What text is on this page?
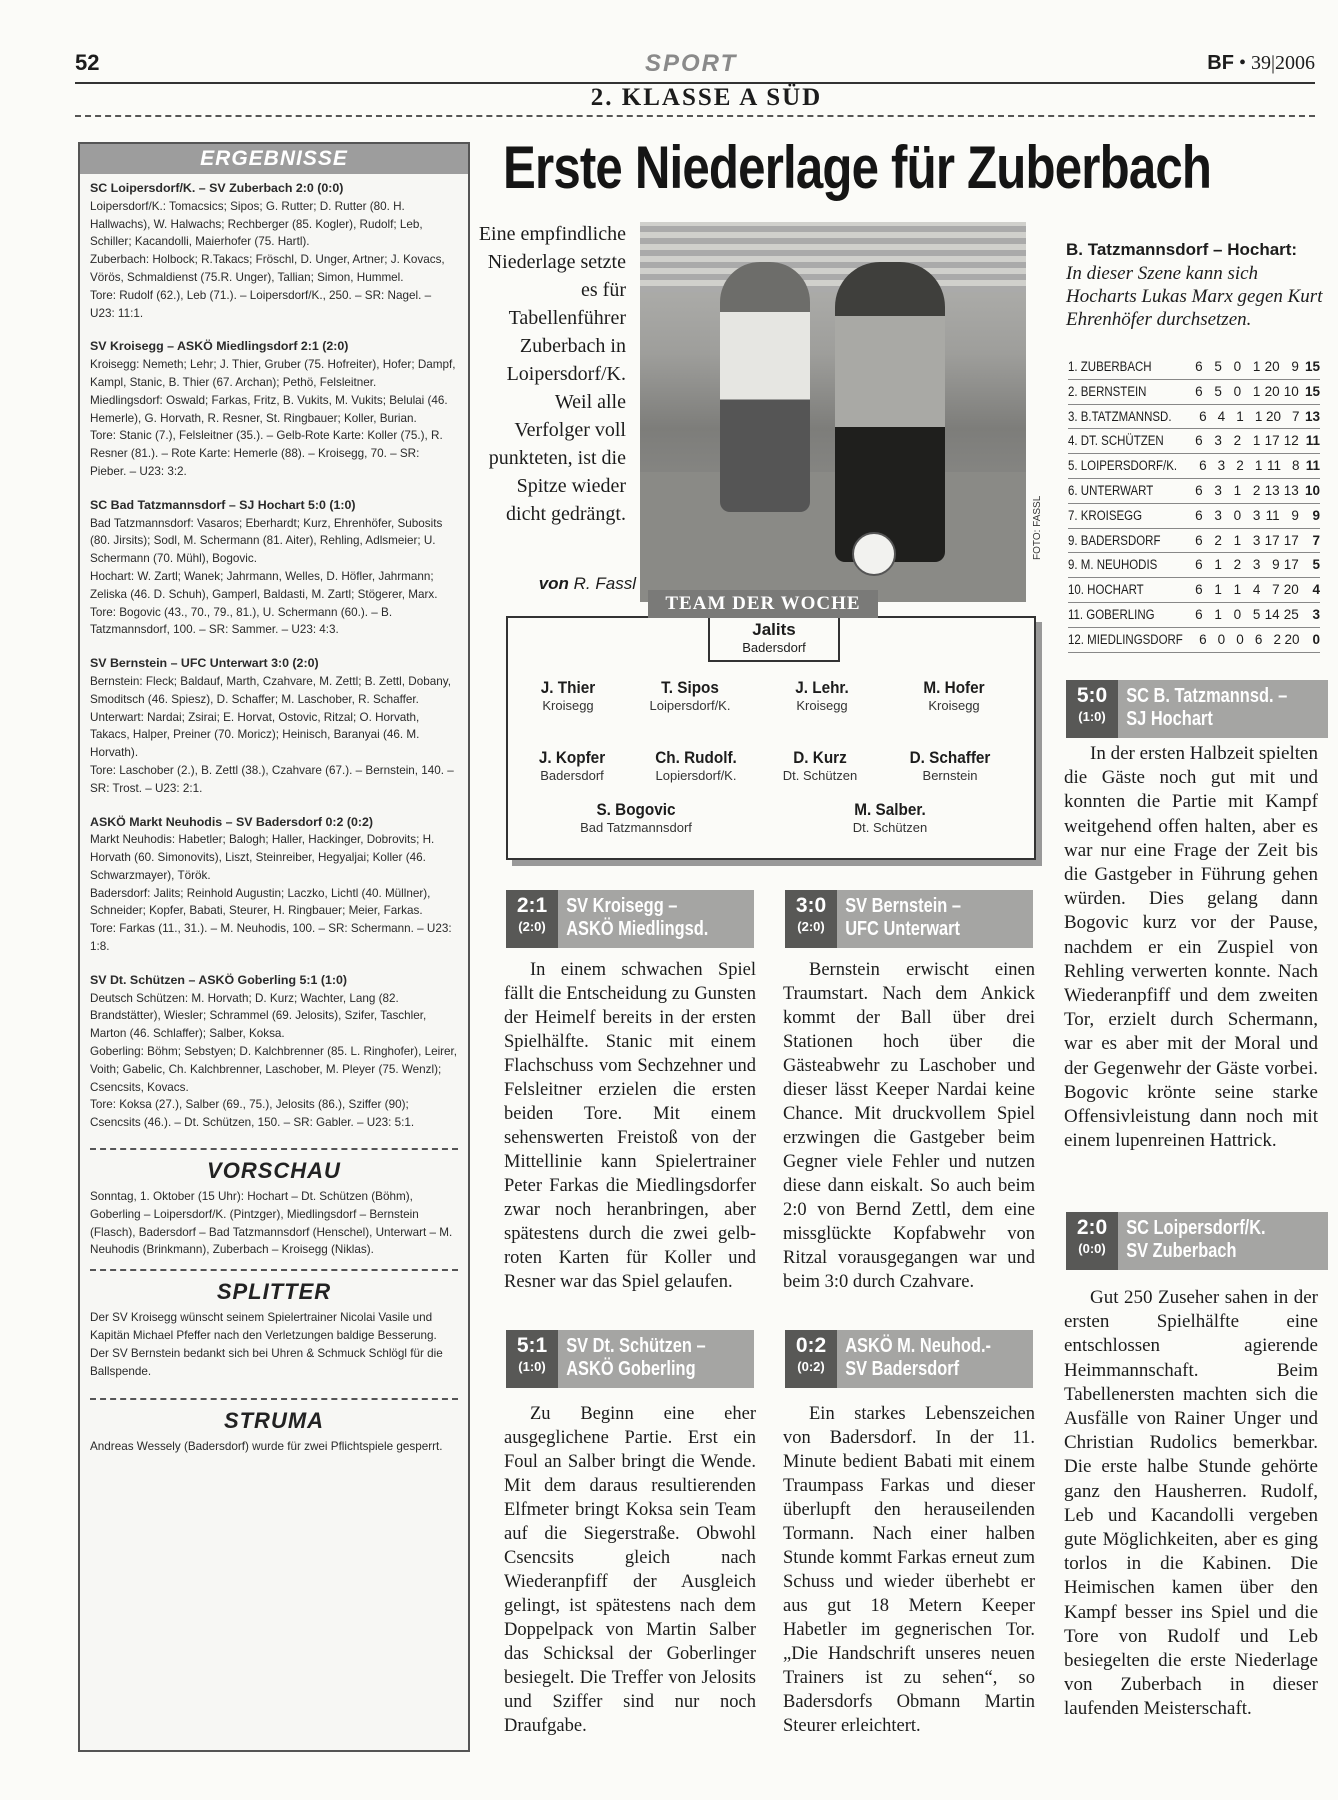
52	SPORT	BF • 39|2006
2. KLASSE A SÜD
ERGEBNISSE
SC Loipersdorf/K. – SV Zuberbach 2:0 (0:0)

Loipersdorf/K.: Tomacsics; Sipos; G. Rutter; D. Rutter (80. H. Hallwachs), W. Halwachs; Rechberger (85. Kogler), Rudolf; Leb, Schiller; Kacandolli, Maierhofer (75. Hartl).

Zuberbach: Holbock; R.Takacs; Fröschl, D. Unger, Artner; J. Kovacs, Vörös, Schmaldienst (75.R. Unger), Tallian; Simon, Hummel.

Tore: Rudolf (62.), Leb (71.). – Loipersdorf/K., 250. – SR: Nagel. – U23: 11:1.

SV Kroisegg – ASKÖ Miedlingsdorf 2:1 (2:0)

Kroisegg: Nemeth; Lehr; J. Thier, Gruber (75. Hofreiter), Hofer; Dampf, Kampl, Stanic, B. Thier (67. Archan); Pethö, Felsleitner.

Miedlingsdorf: Oswald; Farkas, Fritz, B. Vukits, M. Vukits; Belulai (46. Hemerle), G. Horvath, R. Resner, St. Ringbauer; Koller, Burian.

Tore: Stanic (7.), Felsleitner (35.). – Gelb-Rote Karte: Koller (75.), R. Resner (81.). – Rote Karte: Hemerle (88). – Kroisegg, 70. – SR: Pieber. – U23: 3:2.

SC Bad Tatzmannsdorf – SJ Hochart 5:0 (1:0)

Bad Tatzmannsdorf: Vasaros; Eberhardt; Kurz, Ehrenhöfer, Subosits (80. Jirsits); Sodl, M. Schermann (81. Aiter), Rehling, Adlsmeier; U. Schermann (70. Mühl), Bogovic.

Hochart: W. Zartl; Wanek; Jahrmann, Welles, D. Höfler, Jahrmann; Zeliska (46. D. Schuh), Gamperl, Baldasti, M. Zartl; Stögerer, Marx.

Tore: Bogovic (43., 70., 79., 81.), U. Schermann (60.). – B. Tatzmannsdorf, 100. – SR: Sammer. – U23: 4:3.

SV Bernstein – UFC Unterwart 3:0 (2:0)

Bernstein: Fleck; Baldauf, Marth, Czahvare, M. Zettl; B. Zettl, Dobany, Smoditsch (46. Spiesz), D. Schaffer; M. Laschober, R. Schaffer.

Unterwart: Nardai; Zsirai; E. Horvat, Ostovic, Ritzal; O. Horvath, Takacs, Halper, Preiner (70. Moricz); Heinisch, Baranyai (46. M. Horvath).

Tore: Laschober (2.), B. Zettl (38.), Czahvare (67.). – Bernstein, 140. – SR: Trost. – U23: 2:1.

ASKÖ Markt Neuhodis – SV Badersdorf 0:2 (0:2)

Markt Neuhodis: Habetler; Balogh; Haller, Hackinger, Dobrovits; H. Horvath (60. Simonovits), Liszt, Steinreiber, Hegyaljai; Koller (46. Schwarzmayer), Török.

Badersdorf: Jalits; Reinhold Augustin; Laczko, Lichtl (40. Müllner), Schneider; Kopfer, Babati, Steurer, H. Ringbauer; Meier, Farkas.

Tore: Farkas (11., 31.). – M. Neuhodis, 100. – SR: Schermann. – U23: 1:8.

SV Dt. Schützen – ASKÖ Goberling 5:1 (1:0)

Deutsch Schützen: M. Horvath; D. Kurz; Wachter, Lang (82. Brandstätter), Wiesler; Schrammel (69. Jelosits), Szifer, Taschler, Marton (46. Schlaffer); Salber, Koksa.

Goberling: Böhm; Sebstyen; D. Kalchbrenner (85. L. Ringhofer), Leirer, Voith; Gabelic, Ch. Kalchbrenner, Laschober, M. Pleyer (75. Wenzl); Csencsits, Kovacs.

Tore: Koksa (27.), Salber (69., 75.), Jelosits (86.), Sziffer (90); Csencsits (46.). – Dt. Schützen, 150. – SR: Gabler. – U23: 5:1.

VORSCHAU

Sonntag, 1. Oktober (15 Uhr): Hochart – Dt. Schützen (Böhm), Goberling – Loipersdorf/K. (Pintzger), Miedlingsdorf – Bernstein (Flasch), Badersdorf – Bad Tatzmannsdorf (Henschel), Unterwart – M. Neuhodis (Brinkmann), Zuberbach – Kroisegg (Niklas).

SPLITTER

Der SV Kroisegg wünscht seinem Spielertrainer Nicolai Vasile und Kapitän Michael Pfeffer nach den Verletzungen baldige Besserung. Der SV Bernstein bedankt sich bei Uhren & Schmuck Schlögl für die Ballspende.

STRUMA

Andreas Wessely (Badersdorf) wurde für zwei Pflichtspiele gesperrt.

Erste Niederlage für Zuberbach
Eine empfindliche Niederlage setzte es für Tabellenführer Zuberbach in Loipersdorf/K. Weil alle Verfolger voll punkteten, ist die Spitze wieder dicht gedrängt.
von R. Fassl
FOTO: FASSL
TEAM DER WOCHE
Jalits
Badersdorf
J. Thier
Kroisegg
T. Sipos
Loipersdorf/K.
J. Lehr.
Kroisegg
M. Hofer
Kroisegg
J. Kopfer
Badersdorf
Ch. Rudolf.
Lopiersdorf/K.
D. Kurz
Dt. Schützen
D. Schaffer
Bernstein
S. Bogovic
Bad Tatzmannsdorf
M. Salber.
Dt. Schützen
B. Tatzmannsdorf – Hochart:
In dieser Szene kann sich Hocharts Lukas Marx gegen Kurt Ehrenhöfer durchsetzen.
1. ZUBERBACH	6 5 0 1 20 9 15
2. BERNSTEIN	6 5 0 1 20 10 15
3. B.TATZMANNSD.	6 4 1 1 20 7 13
4. DT. SCHÜTZEN	6 3 2 1 17 12 11
5. LOIPERSDORF/K.	6 3 2 1 11 8 11
6. UNTERWART	6 3 1 2 13 13 10
7. KROISEGG	6 3 0 3 11 9	9
9. BADERSDORF	6 2 1 3 17 17	7
9. M. NEUHODIS	6 1 2 3 9 17	5
10. HOCHART	6 1 1 4 7 20	4
11. GOBERLING	6 1 0 5 14 25	3
12. MIEDLINGSDORF	6 0 0 6 2 20 0
2:1
(2:0)
SV Kroisegg –
ASKÖ Miedlingsd.

In einem schwachen Spiel fällt die Entscheidung zu Gunsten der Heimelf bereits in der ersten Spielhälfte. Stanic mit einem Flachschuss vom Sechzehner und Felsleitner erzielen die ersten beiden Tore. Mit einem sehenswerten Freistoß von der Mittellinie kann Spielertrainer Peter Farkas die Miedlingsdorfer zwar noch heranbringen, aber spätestens durch die zwei gelb-roten Karten für Koller und Resner war das Spiel gelaufen.

3:0
(2:0)
SV Bernstein –
UFC Unterwart

Bernstein erwischt einen Traumstart. Nach dem Ankick kommt der Ball über drei Stationen hoch über die Gästeabwehr zu Laschober und dieser lässt Keeper Nardai keine Chance. Mit druckvollem Spiel erzwingen die Gastgeber beim Gegner viele Fehler und nutzen diese dann eiskalt. So auch beim 2:0 von Bernd Zettl, dem eine missglückte Kopfabwehr von Ritzal vorausgegangen war und beim 3:0 durch Czahvare.

5:1
(1:0)
SV Dt. Schützen –
ASKÖ Goberling

Zu Beginn eine eher ausgeglichene Partie. Erst ein Foul an Salber bringt die Wende. Mit dem daraus resultierenden Elfmeter bringt Koksa sein Team auf die Siegerstraße. Obwohl Csencsits gleich nach Wiederanpfiff der Ausgleich gelingt, ist spätestens nach dem Doppelpack von Martin Salber das Schicksal der Goberlinger besiegelt. Die Treffer von Jelosits und Sziffer sind nur noch Draufgabe.

0:2
(0:2)
ASKÖ M. Neuhod.-
SV Badersdorf

Ein starkes Lebenszeichen von Badersdorf. In der 11. Minute bedient Babati mit einem Traumpass Farkas und dieser überlupft den herauseilenden Tormann. Nach einer halben Stunde kommt Farkas erneut zum Schuss und wieder überhebt er aus gut 18 Metern Keeper Habetler im gegnerischen Tor. „Die Handschrift unseres neuen Trainers ist zu sehen“, so Badersdorfs Obmann Martin Steurer erleichtert.

5:0
(1:0)
SC B. Tatzmannsd. –
SJ Hochart

In der ersten Halbzeit spielten die Gäste noch gut mit und konnten die Partie mit Kampf weitgehend offen halten, aber es war nur eine Frage der Zeit bis die Gastgeber in Führung gehen würden. Dies gelang dann Bogovic kurz vor der Pause, nachdem er ein Zuspiel von Rehling verwerten konnte. Nach Wiederanpfiff und dem zweiten Tor, erzielt durch Schermann, war es aber mit der Moral und der Gegenwehr der Gäste vorbei. Bogovic krönte seine starke Offensivleistung dann noch mit einem lupenreinen Hattrick.

2:0
(0:0)
SC Loipersdorf/K.
SV Zuberbach

Gut 250 Zuseher sahen in der ersten Spielhälfte eine entschlossen agierende Heimmannschaft. Beim Tabellenersten machten sich die Ausfälle von Rainer Unger und Christian Rudolics bemerkbar. Die erste halbe Stunde gehörte ganz den Hausherren. Rudolf, Leb und Kacandolli vergeben gute Möglichkeiten, aber es ging torlos in die Kabinen. Die Heimischen kamen über den Kampf besser ins Spiel und die Tore von Rudolf und Leb besiegelten die erste Niederlage von Zuberbach in dieser laufenden Meisterschaft.
